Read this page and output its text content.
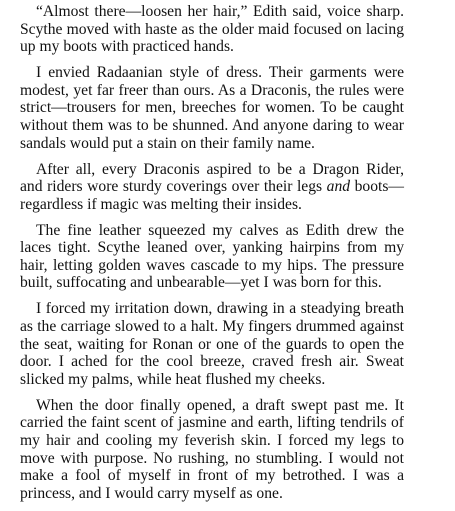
“Almost there—loosen her hair,” Edith said, voice sharp. Scythe moved with haste as the older maid focused on lacing up my boots with practiced hands.

I envied Radaanian style of dress. Their garments were modest, yet far freer than ours. As a Draconis, the rules were strict—trousers for men, breeches for women. To be caught without them was to be shunned. And anyone daring to wear sandals would put a stain on their family name.

After all, every Draconis aspired to be a Dragon Rider, and riders wore sturdy coverings over their legs and boots—regardless if magic was melting their insides.

The fine leather squeezed my calves as Edith drew the laces tight. Scythe leaned over, yanking hairpins from my hair, letting golden waves cascade to my hips. The pressure built, suffocating and unbearable—yet I was born for this.

I forced my irritation down, drawing in a steadying breath as the carriage slowed to a halt. My fingers drummed against the seat, waiting for Ronan or one of the guards to open the door. I ached for the cool breeze, craved fresh air. Sweat slicked my palms, while heat flushed my cheeks.

When the door finally opened, a draft swept past me. It carried the faint scent of jasmine and earth, lifting tendrils of my hair and cooling my feverish skin. I forced my legs to move with purpose. No rushing, no stumbling. I would not make a fool of myself in front of my betrothed. I was a princess, and I would carry myself as one.
